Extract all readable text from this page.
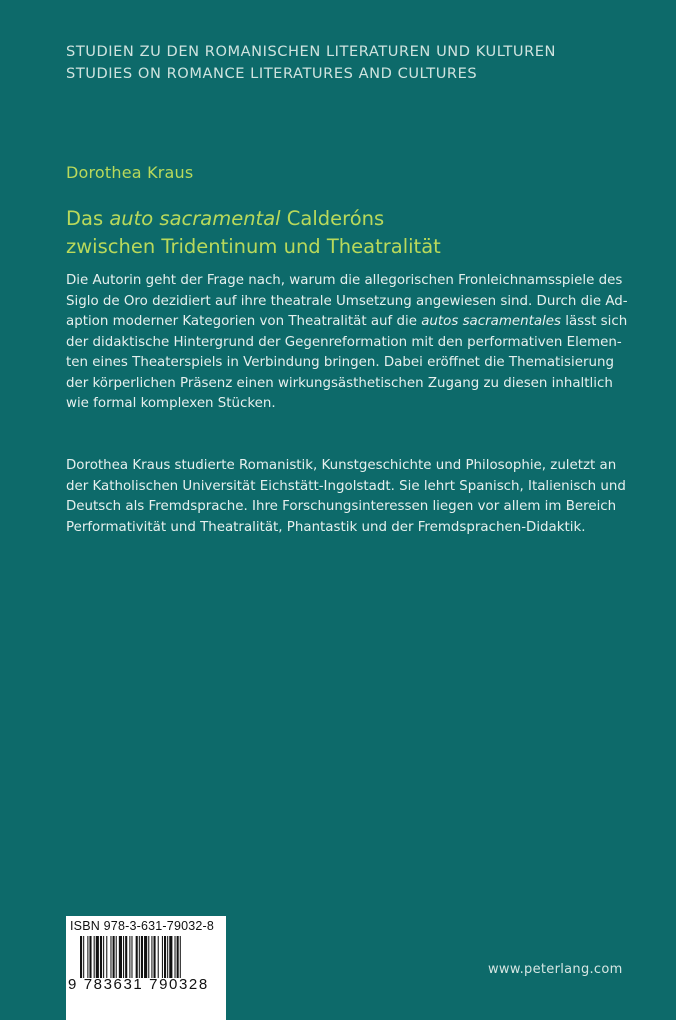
STUDIEN ZU DEN ROMANISCHEN LITERATUREN UND KULTUREN
STUDIES ON ROMANCE LITERATURES AND CULTURES
Dorothea Kraus
Das auto sacramental Calderóns
zwischen Tridentinum und Theatralität
Die Autorin geht der Frage nach, warum die allegorischen Fronleichnamsspiele des
Siglo de Oro dezidiert auf ihre theatrale Umsetzung angewiesen sind. Durch die Ad-
aption moderner Kategorien von Theatralität auf die autos sacramentales lässt sich
der didaktische Hintergrund der Gegenreformation mit den performativen Elemen-
ten eines Theaterspiels in Verbindung bringen. Dabei eröffnet die Thematisierung
der körperlichen Präsenz einen wirkungsästhetischen Zugang zu diesen inhaltlich
wie formal komplexen Stücken.
Dorothea Kraus studierte Romanistik, Kunstgeschichte und Philosophie, zuletzt an
der Katholischen Universität Eichstätt-Ingolstadt. Sie lehrt Spanisch, Italienisch und
Deutsch als Fremdsprache. Ihre Forschungsinteressen liegen vor allem im Bereich
Performativität und Theatralität, Phantastik und der Fremdsprachen-Didaktik.
ISBN 978-3-631-79032-8
9 783631 790328
www.peterlang.com
